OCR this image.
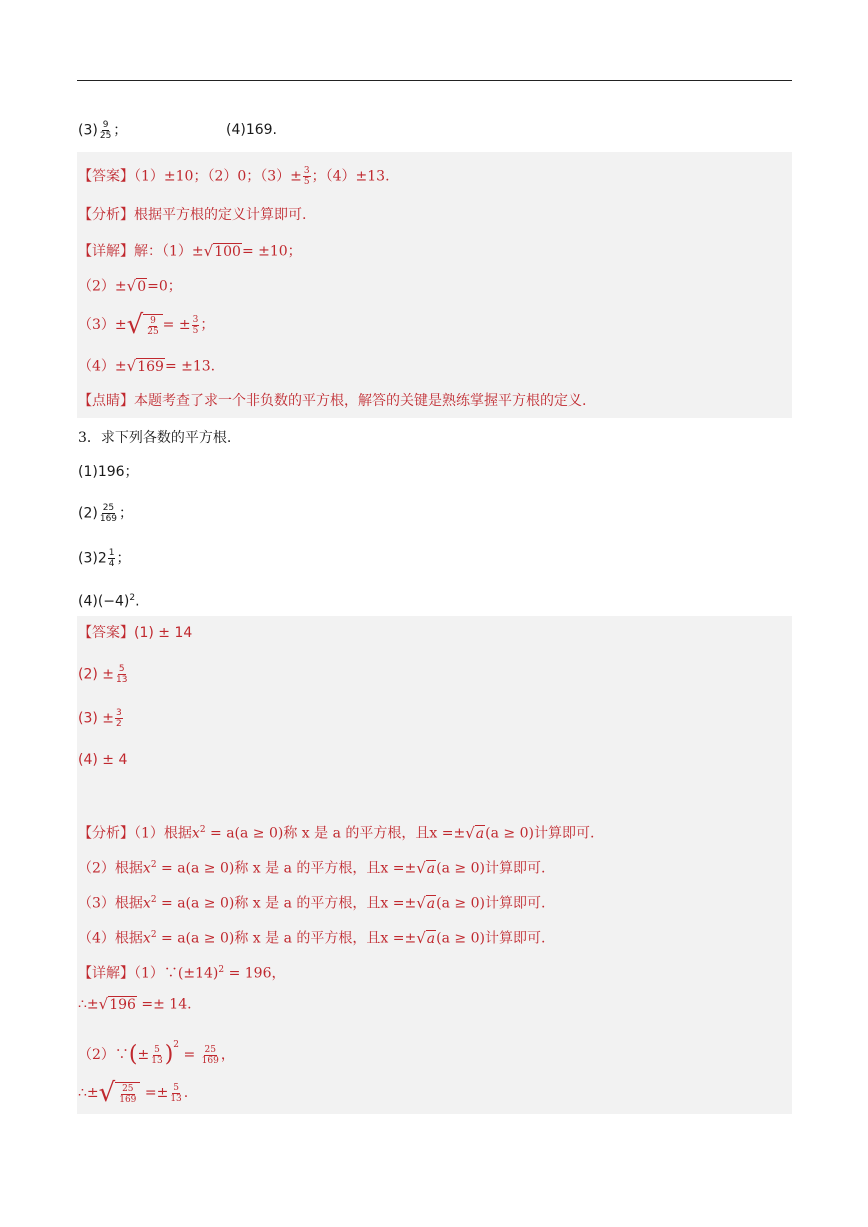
$(3) \frac{9}{25}$ ；	(4)169.
【答案】（1）±10；（2）0；$(3)\pm \frac{3}{5}$ ；（4）±13.
【分析】根据平方根的定义计算即可.
【详解】解：（1）±√100= ±10；
（2）±√0=0；
（3）± √ $\frac{9}{25}$ = ± $\frac{3}{5}$ ；
（4）±√169= ±13.
【点睛】本题考查了求一个非负数的平方根，解答的关键是熟练掌握平方根的定义.
3．求下列各数的平方根.
(1)196；
$(2) \frac{25}{169}$ ；
$(3)2 \frac{1}{4}$ ；
$(4)(-4)^2$.
【答案】(1) ± 14
$(2) \pm \frac{5}{13}$
$(3) \pm \frac{3}{2}$
(4) ± 4
【分析】（1）根据$x^2 = a(a \ge 0)$称 x 是 a 的平方根，且x =±√a(a ≥ 0)计算即可.
（2）根据$x^2 = a(a \ge 0)$称 x 是 a 的平方根，且x =±√a(a ≥ 0)计算即可.
（3）根据$x^2 = a(a \ge 0)$称 x 是 a 的平方根，且x =±√a(a ≥ 0)计算即可.
（4）根据$x^2 = a(a \ge 0)$称 x 是 a 的平方根，且x =±√a(a ≥ 0)计算即可.
【详解】$(1)\because(\pm 14)^2 = 196$，
∴±√196 =± 14.
（2）∵(± $\frac{5}{13} )^2 = \frac{25}{169}$ ，
∴± √ $\frac{25}{169} =\pm \frac{5}{13}$ .
